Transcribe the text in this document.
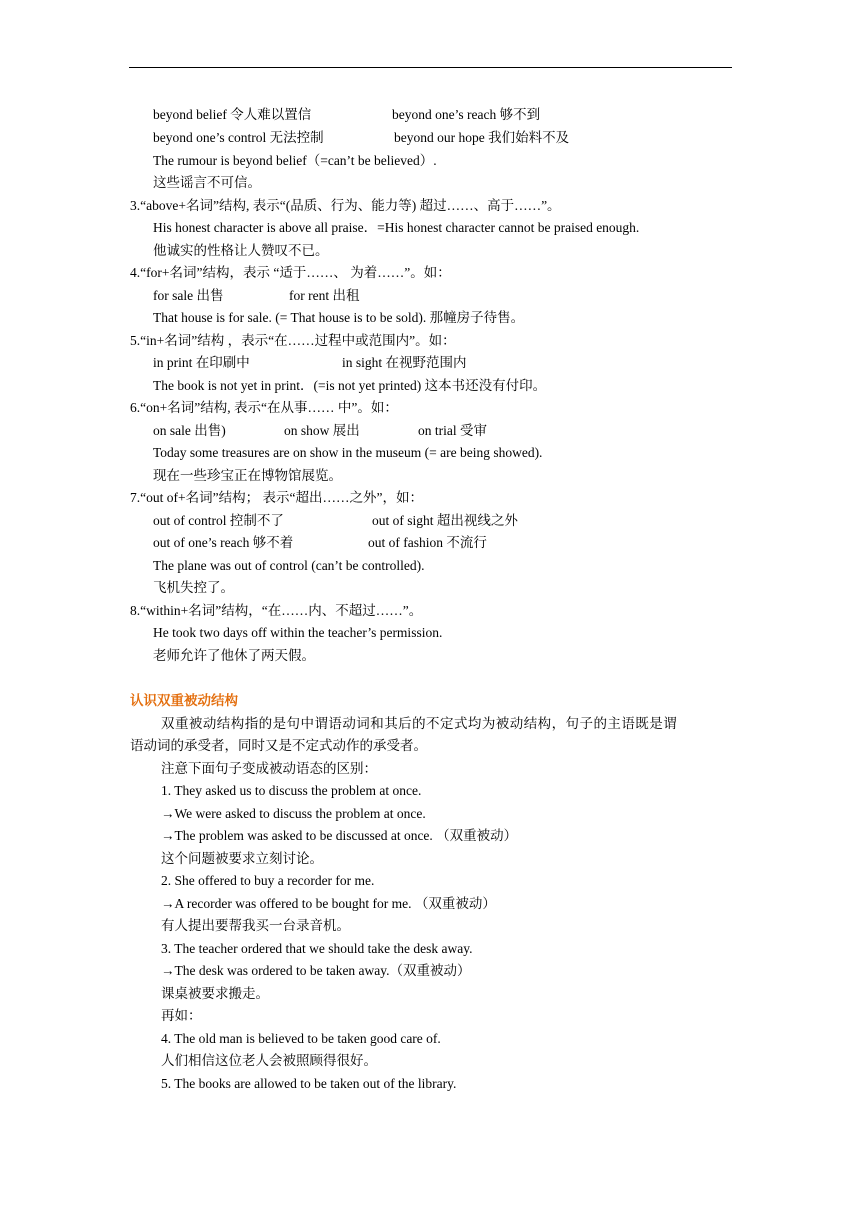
beyond belief 令人难以置信	beyond one’s reach 够不到
beyond one’s control 无法控制	beyond our hope 我们始料不及
The rumour is beyond belief（=can’t be believed）.
这些谣言不可信。
3.“above+名词”结构, 表示“(品质、行为、能力等) 超过……、高于……”。
His honest character is above all praise．=His honest character cannot be praised enough.
他诚实的性格让人赞叹不已。
4.“for+名词”结构，表示 “适于……、 为着……”。如：
for sale 出售	for rent 出租
That house is for sale. (= That house is to be sold). 那幢房子待售。
5.“in+名词”结构 ，表示“在……过程中或范围内”。如：
in print 在印刷中	in sight 在视野范围内
The book is not yet in print．(=is not yet printed) 这本书还没有付印。
6.“on+名词”结构, 表示“在从事…… 中”。如：
on sale 出售)	on show 展出	on trial 受审
Today some treasures are on show in the museum (= are being showed).
现在一些珍宝正在博物馆展览。
7.“out of+名词”结构； 表示“超出……之外”，如：
out of control 控制不了	out of sight 超出视线之外
out of one’s reach 够不着	out of fashion 不流行
The plane was out of control (can’t be controlled).
飞机失控了。
8.“within+名词”结构，“在……内、不超过……”。
He took two days off within the teacher’s permission.
老师允许了他休了两天假。
认识双重被动结构
双重被动结构指的是句中谓语动词和其后的不定式均为被动结构，句子的主语既是谓
语动词的承受者，同时又是不定式动作的承受者。
注意下面句子变成被动语态的区别：
1. They asked us to discuss the problem at once.
→We were asked to discuss the problem at once.
→The problem was asked to be discussed at once. （双重被动）
这个问题被要求立刻讨论。
2. She offered to buy a recorder for me.
→A recorder was offered to be bought for me. （双重被动）
有人提出要帮我买一台录音机。
3. The teacher ordered that we should take the desk away.
→The desk was ordered to be taken away.（双重被动）
课桌被要求搬走。
再如：
4. The old man is believed to be taken good care of.
人们相信这位老人会被照顾得很好。
5. The books are allowed to be taken out of the library.
